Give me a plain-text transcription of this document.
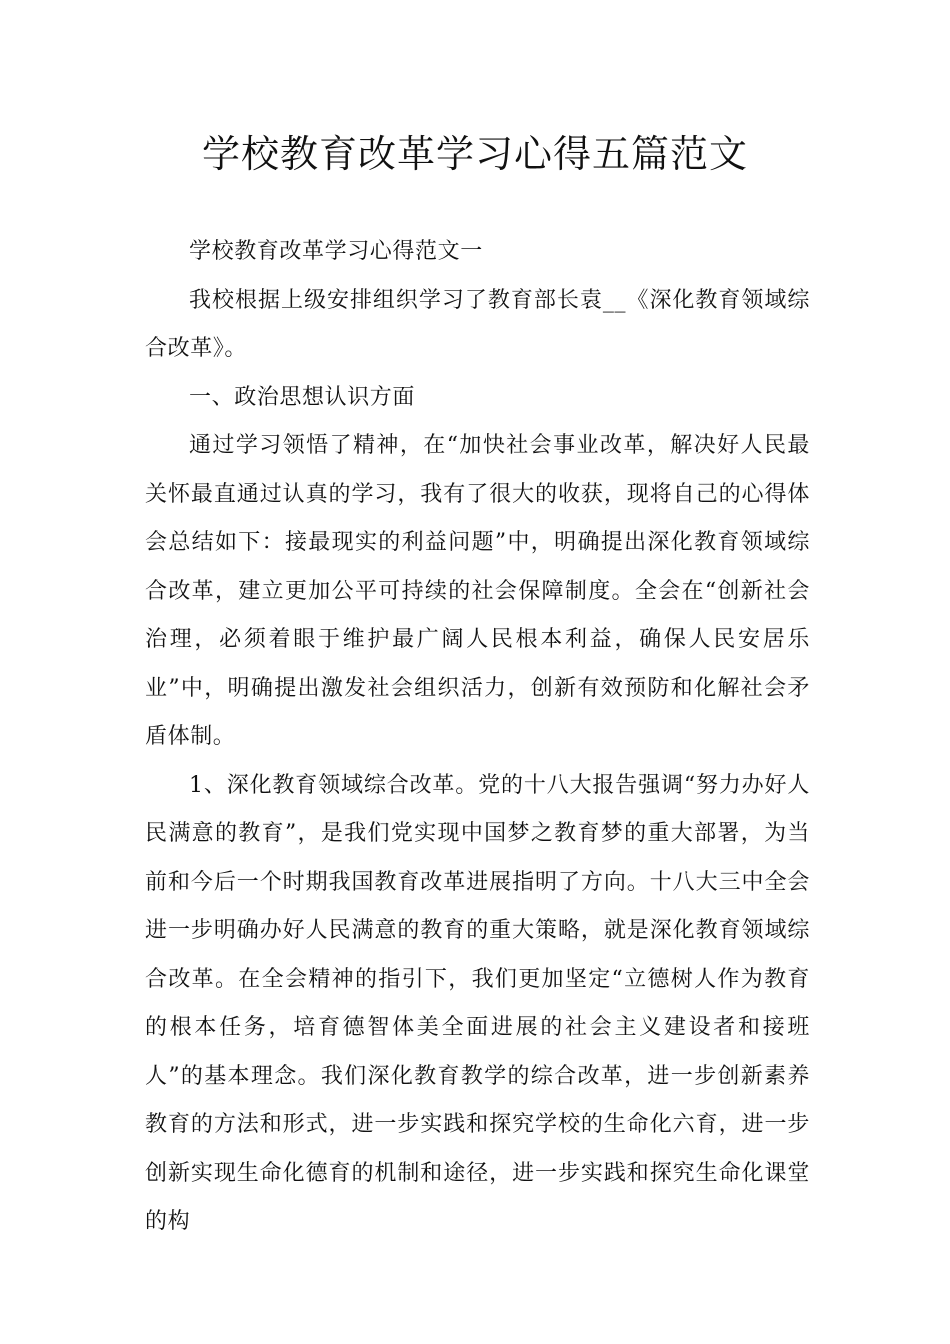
学校教育改革学习心得五篇范文

学校教育改革学习心得范文一

我校根据上级安排组织学习了教育部长袁__《深化教育领域综合改革》。

一、政治思想认识方面

通过学习领悟了精神，在“加快社会事业改革，解决好人民最关怀最直通过认真的学习，我有了很大的收获，现将自己的心得体会总结如下：接最现实的利益问题”中，明确提出深化教育领域综合改革，建立更加公平可持续的社会保障制度。全会在“创新社会治理，必须着眼于维护最广阔人民根本利益，确保人民安居乐业”中，明确提出激发社会组织活力，创新有效预防和化解社会矛盾体制。

1、深化教育领域综合改革。党的十八大报告强调“努力办好人民满意的教育”，是我们党实现中国梦之教育梦的重大部署，为当前和今后一个时期我国教育改革进展指明了方向。十八大三中全会进一步明确办好人民满意的教育的重大策略，就是深化教育领域综合改革。在全会精神的指引下，我们更加坚定“立德树人作为教育的根本任务，培育德智体美全面进展的社会主义建设者和接班人”的基本理念。我们深化教育教学的综合改革，进一步创新素养教育的方法和形式，进一步实践和探究学校的生命化六育，进一步创新实现生命化德育的机制和途径，进一步实践和探究生命化课堂的构
